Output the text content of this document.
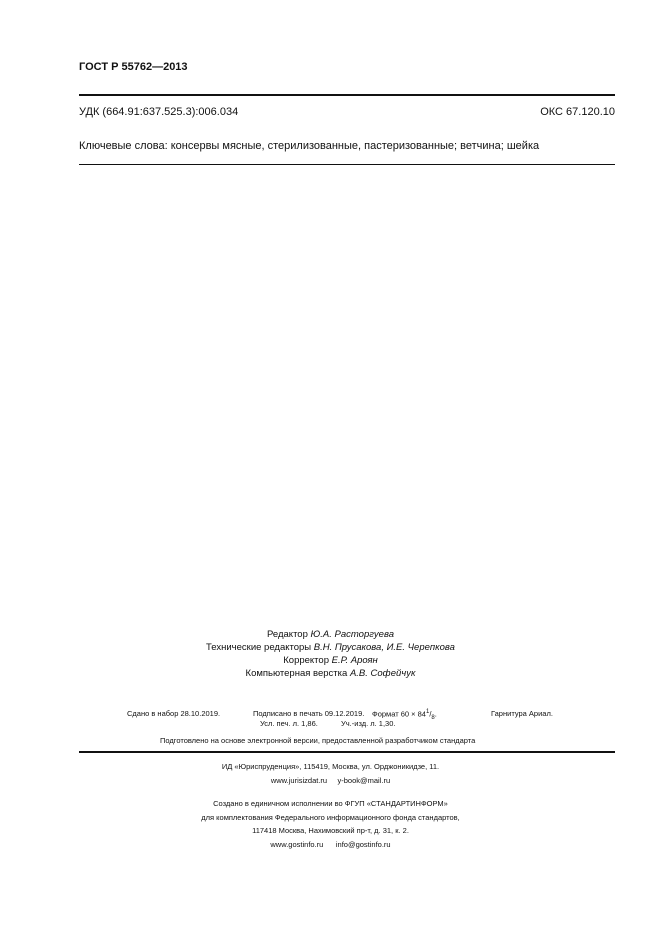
ГОСТ Р 55762—2013
УДК (664.91:637.525.3):006.034	ОКС 67.120.10
Ключевые слова: консервы мясные, стерилизованные, пастеризованные; ветчина; шейка
Редактор Ю.А. Расторгуева
Технические редакторы В.Н. Прусакова, И.Е. Черепкова
Корректор Е.Р. Ароян
Компьютерная верстка А.В. Софейчук
Сдано в набор 28.10.2019.	Подписано в печать 09.12.2019. Формат $60 \times 84^1/_8$.	Гарнитура Ариал.
Усл. печ. л. 1,86.	Уч.-изд. л. 1,30.
Подготовлено на основе электронной версии, предоставленной разработчиком стандарта
ИД «Юриспруденция», 115419, Москва, ул. Орджоникидзе, 11.
www.jurisizdat.ru y-book@mail.ru
Создано в единичном исполнении во ФГУП «СТАНДАРТИНФОРМ»
для комплектования Федерального информационного фонда стандартов,
117418 Москва, Нахимовский пр-т, д. 31, к. 2.
www.gostinfo.ru info@gostinfo.ru
